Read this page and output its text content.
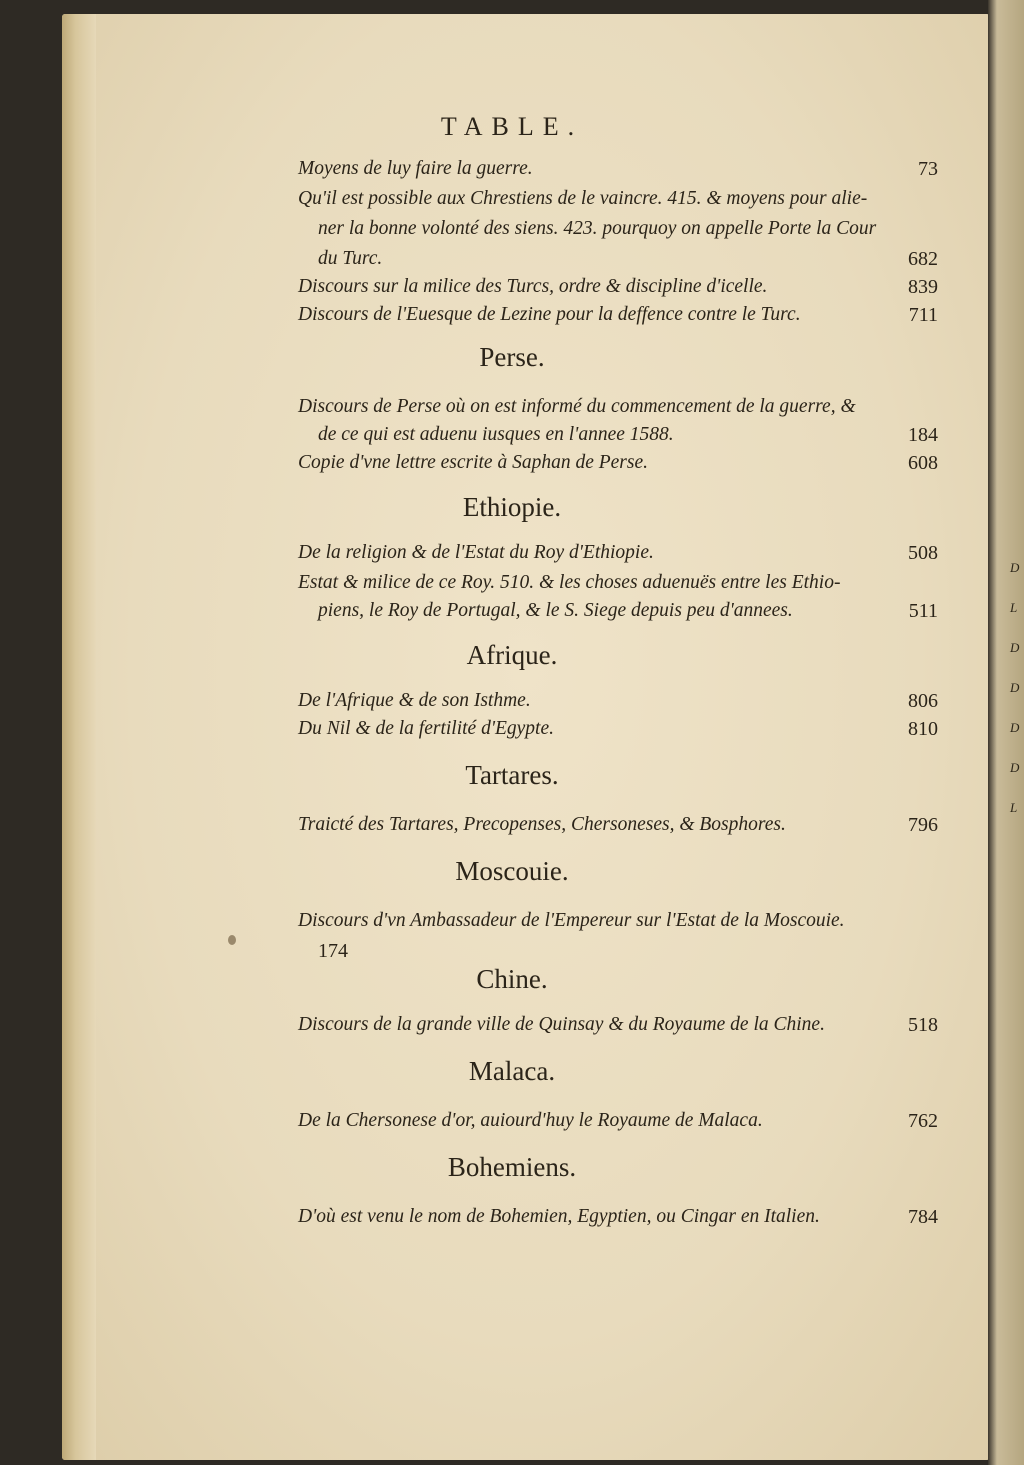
D
L
D
D
D
D
L
TABLE.
Moyens de luy faire la guerre.	73
Qu'il est possible aux Chrestiens de le vaincre. 415. & moyens pour alie-
ner la bonne volonté des siens. 423. pourquoy on appelle Porte la Cour
du Turc.	682
Discours sur la milice des Turcs, ordre & discipline d'icelle.	839
Discours de l'Euesque de Lezine pour la deffence contre le Turc.	711
Perse.
Discours de Perse où on est informé du commencement de la guerre, &
de ce qui est aduenu iusques en l'annee 1588.	184
Copie d'vne lettre escrite à Saphan de Perse.	608
Ethiopie.
De la religion & de l'Estat du Roy d'Ethiopie.	508
Estat & milice de ce Roy. 510. & les choses aduenuës entre les Ethio-
piens, le Roy de Portugal, & le S. Siege depuis peu d'annees.	511
Afrique.
De l'Afrique & de son Isthme.	806
Du Nil & de la fertilité d'Egypte.	810
Tartares.
Traicté des Tartares, Precopenses, Chersoneses, & Bosphores.	796
Moscouie.
Discours d'vn Ambassadeur de l'Empereur sur l'Estat de la Moscouie.
174
Chine.
Discours de la grande ville de Quinsay & du Royaume de la Chine.	518
Malaca.
De la Chersonese d'or, auiourd'huy le Royaume de Malaca.	762
Bohemiens.
D'où est venu le nom de Bohemien, Egyptien, ou Cingar en Italien.	784
